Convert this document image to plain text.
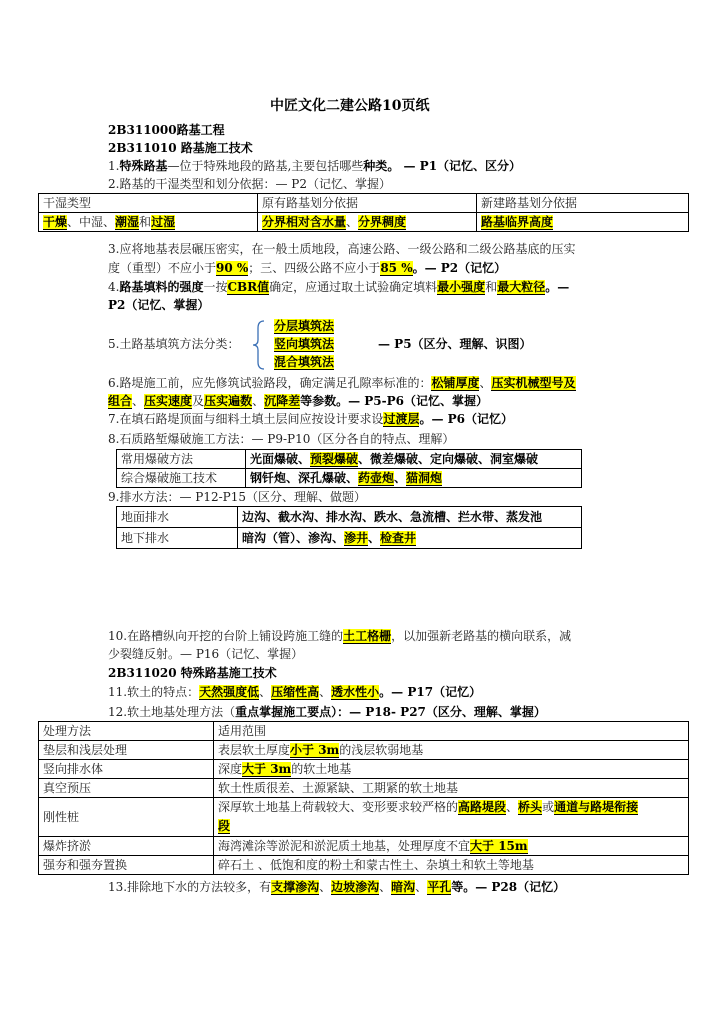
中匠文化二建公路10页纸
2B311000路基工程
2B311010 路基施工技术
1.特殊路基—位于特殊地段的路基,主要包括哪些种类。 — P1（记忆、区分）
2.路基的干湿类型和划分依据：— P2（记忆、掌握）
干湿类型	原有路基划分依据	新建路基划分依据
干燥、中湿、潮湿和过湿	分界相对含水量、分界稠度	路基临界高度
3.应将地基表层碾压密实，在一般土质地段，高速公路、一级公路和二级公路基底的压实
度（重型）不应小于90 %；三、四级公路不应小于85 %。— P2（记忆）
4.路基填料的强度一按CBR值确定，应通过取土试验确定填料最小强度和最大粒径。—
P2（记忆、掌握）
5.土路基填筑方法分类：
分层填筑法
竖向填筑法
混合填筑法
— P5（区分、理解、识图）
6.路堤施工前，应先修筑试验路段，确定满足孔隙率标准的：松铺厚度、压实机械型号及
组合、压实速度及压实遍数、沉降差等参数。— P5-P6（记忆、掌握）
7.在填石路堤顶面与细料土填土层间应按设计要求设过渡层。— P6（记忆）
8.石质路堑爆破施工方法：— P9-P10（区分各自的特点、理解）
常用爆破方法	光面爆破、预裂爆破、微差爆破、定向爆破、洞室爆破
综合爆破施工技术	钢钎炮、深孔爆破、药壶炮、猫洞炮
9.排水方法：— P12-P15（区分、理解、做题）
地面排水	边沟、截水沟、排水沟、跌水、急流槽、拦水带、蒸发池
地下排水	暗沟（管）、渗沟、渗井、检查井
10.在路槽纵向开挖的台阶上铺设跨施工缝的土工格栅，以加强新老路基的横向联系，减
少裂缝反射。— P16（记忆、掌握）
2B311020 特殊路基施工技术
11.软土的特点：天然强度低、压缩性高、透水性小。— P17（记忆）
12.软土地基处理方法（重点掌握施工要点）：— P18- P27（区分、理解、掌握）
处理方法	适用范围
垫层和浅层处理	表层软土厚度小于 3m的浅层软弱地基
竖向排水体	深度大于 3m的软土地基
真空预压	软土性质很差、土源紧缺、工期紧的软土地基
刚性桩	深厚软土地基上荷载较大、变形要求较严格的高路堤段、桥头或通道与路堤衔接
段
爆炸挤淤	海湾滩涂等淤泥和淤泥质土地基，处理厚度不宜大于 15m
强夯和强夯置换	碎石土 、低饱和度的粉土和蒙古性土、杂填土和软土等地基
13.排除地下水的方法较多，有支撑渗沟、边坡渗沟、暗沟、平孔等。— P28（记忆）
